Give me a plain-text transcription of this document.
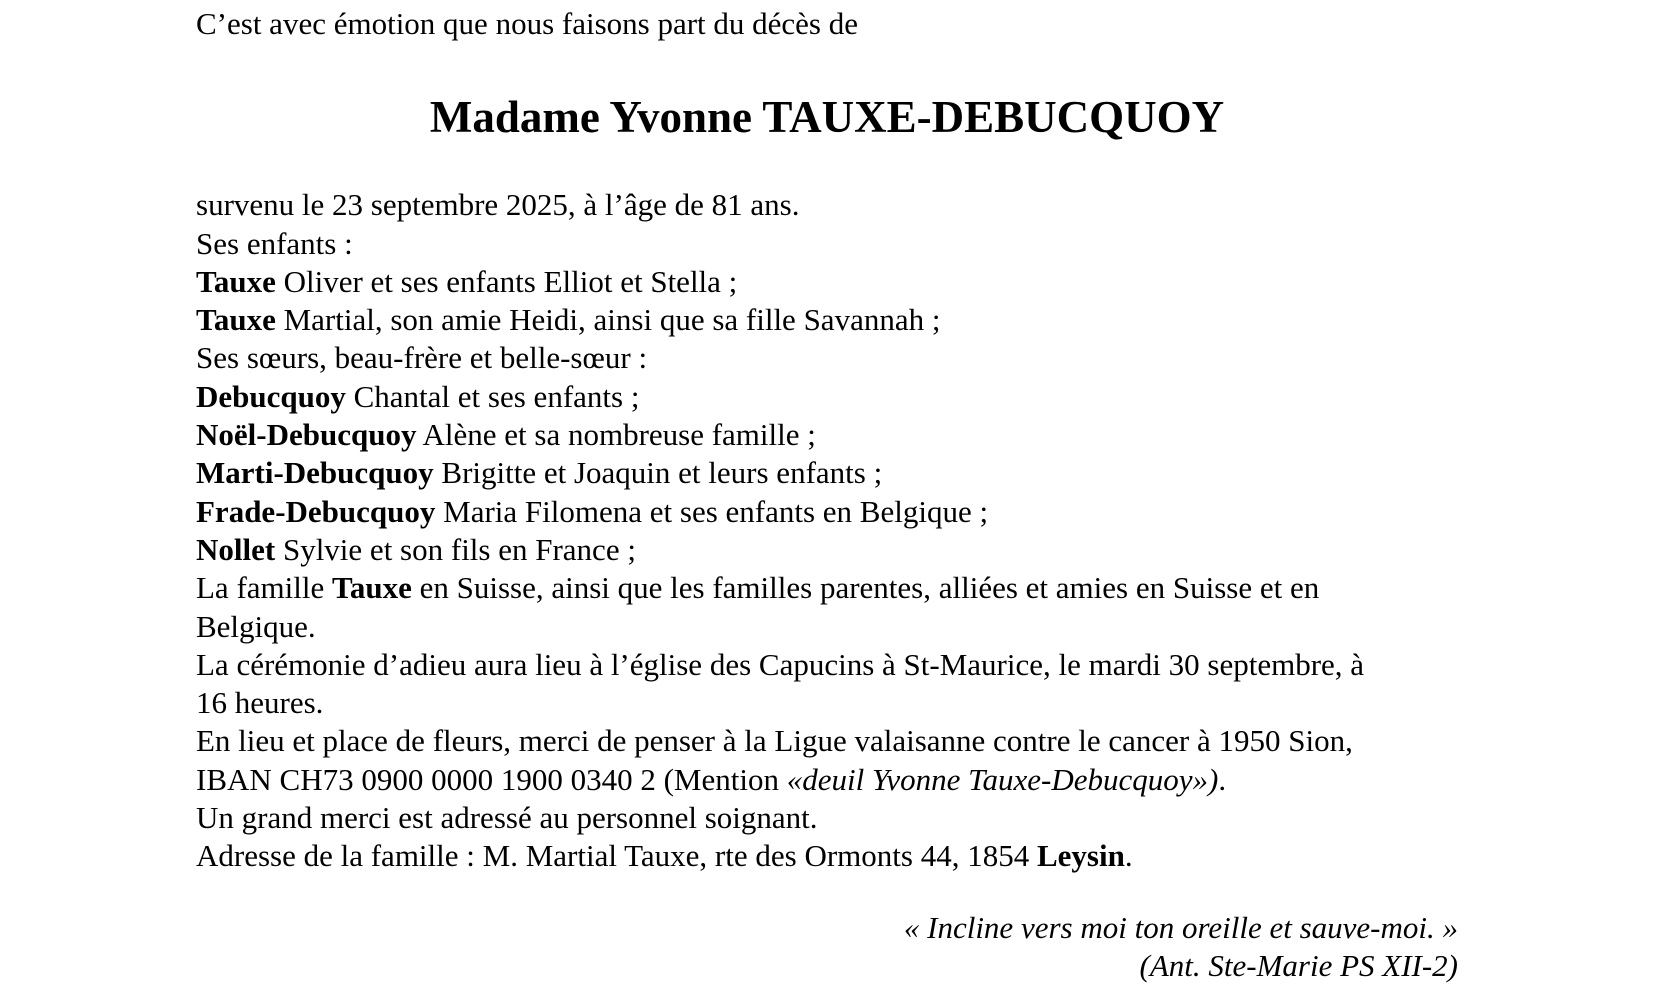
C’est avec émotion que nous faisons part du décès de

Madame Yvonne TAUXE-DEBUCQUOY

survenu le 23 septembre 2025, à l’âge de 81 ans.

Ses enfants :

Tauxe Oliver et ses enfants Elliot et Stella ;

Tauxe Martial, son amie Heidi, ainsi que sa fille Savannah ;

Ses sœurs, beau-frère et belle-sœur :

Debucquoy Chantal et ses enfants ;

Noël-Debucquoy Alène et sa nombreuse famille ;

Marti-Debucquoy Brigitte et Joaquin et leurs enfants ;

Frade-Debucquoy Maria Filomena et ses enfants en Belgique ;

Nollet Sylvie et son fils en France ;

La famille Tauxe en Suisse, ainsi que les familles parentes, alliées et amies en Suisse et en

Belgique.

La cérémonie d’adieu aura lieu à l’église des Capucins à St-Maurice, le mardi 30 septembre, à

16 heures.

En lieu et place de fleurs, merci de penser à la Ligue valaisanne contre le cancer à 1950 Sion,

IBAN CH73 0900 0000 1900 0340 2 (Mention «deuil Yvonne Tauxe-Debucquoy»).

Un grand merci est adressé au personnel soignant.

Adresse de la famille : M. Martial Tauxe, rte des Ormonts 44, 1854 Leysin.

« Incline vers moi ton oreille et sauve-moi. »

(Ant. Ste-Marie PS XII-2)
